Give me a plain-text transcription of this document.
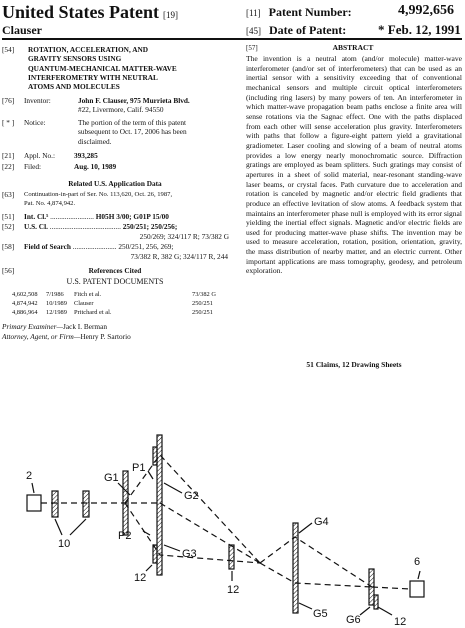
United States Patent [19]
Clauser
[11] Patent Number:	4,992,656
[45] Date of Patent: * Feb. 12, 1991
[54] ROTATION, ACCELERATION, AND
GRAVITY SENSORS USING
QUANTUM-MECHANICAL MATTER-WAVE
INTERFEROMETRY WITH NEUTRAL
ATOMS AND MOLECULES
[76] Inventor:	John F. Clauser, 975 Murrieta Blvd.
#22, Livermore, Calif. 94550
[ * ] Notice:	The portion of the term of this patent
subsequent to Oct. 17, 2006 has been
disclaimed.
[21] Appl. No.:	393,285
[22] Filed:	Aug. 10, 1989
Related U.S. Application Data
[63]	Continuation-in-part of Ser. No. 113,620, Oct. 26, 1987,
Pat. No. 4,874,942.
[51] Int. Cl.⁵ ........................ H05H 3/00; G01P 15/00
[52] U.S. Cl. ....................................... 250/251; 250/256;
250/269; 324/117 R; 73/382 G
[58] Field of Search ........................ 250/251, 256, 269;
73/382 R, 382 G; 324/117 R, 244
[56]	References Cited
U.S. PATENT DOCUMENTS
4,602,508 7/1986 Fitch et al.	73/382 G
4,874,942 10/1989 Clauser	250/251
4,886,964 12/1989 Pritchard et al.	250/251
Primary Examiner—Jack I. Berman
Attorney, Agent, or Firm—Henry P. Sartorio
[57]	ABSTRACT
The invention is a neutral atom (and/or molecule) matter-wave interferometer (and/or set of interferometers) that can be used as an inertial sensor with a sensitivity exceeding that of conventional mechanical sensors and multiple circuit optical interferometers (including ring lasers) by many powers of ten. An interferometer in which matter-wave propagation beam paths enclose a finite area will sense rotations via the Sagnac effect. One with the paths displaced from each other will sense acceleration plus gravity. Interferometers with paths that follow a figure-eight pattern yield a gravitational gradiometer. Laser cooling and slowing of a beam of neutral atoms provides a low energy nearly monochromatic source. Diffraction gratings are employed as beam splitters. Such gratings may consist of apertures in a sheet of solid material, near-resonant standing-wave laser beams, or crystal faces. Path curvature due to acceleration and rotation is canceled by magnetic and/or electric field gradients that produce an effective levitation of slow atoms. A feedback system that maintains an interferometer phase null is employed with its error signal yielding the inertial effect signals. Magnetic and/or electric fields are used for producing matter-wave phase shifts. The invention may be used to measure acceleration, rotation, position, orientation, gravity, the mass distribution of nearby matter, and an electric current. Other important applications are mass tomography, geodesy, and petroleum exploration.
51 Claims, 12 Drawing Sheets
2
6
G1
P1
G2
P2
G3
G4
G5 G6
10
12
12
12
